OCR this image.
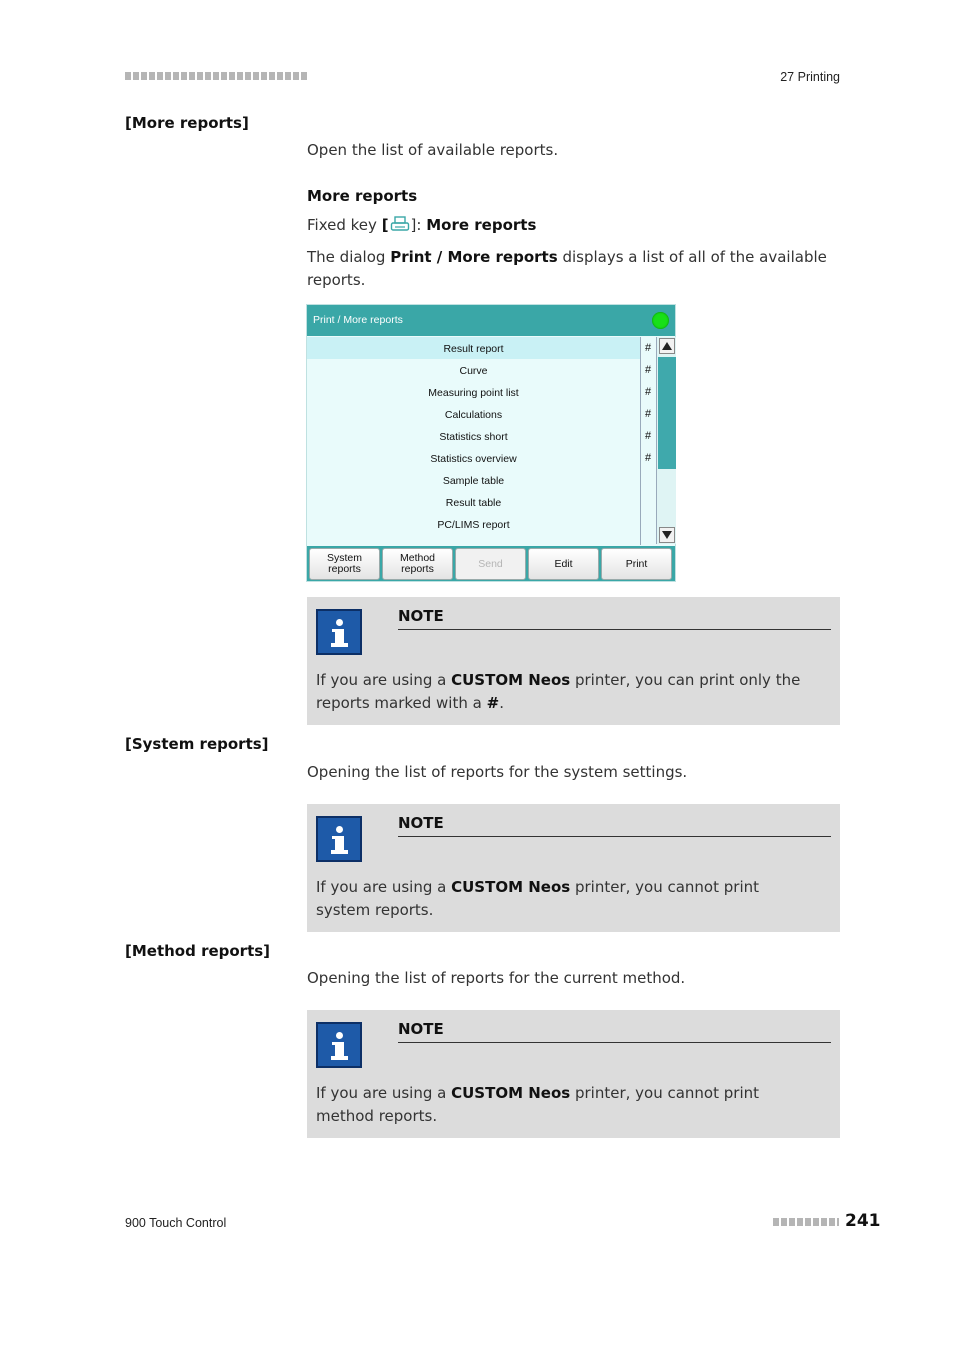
27 Printing
[More reports]
Open the list of available reports.
More reports
Fixed key [ ]: More reports
The dialog Print / More reports displays a list of all of the available reports.
Print / More reports
Result report	#
Curve	#
Measuring point list	#
Calculations	#
Statistics short	#
Statistics overview	#
Sample table
Result table
PC/LIMS report
System
reports
Method
reports	Send	Edit	Print
NOTE
If you are using a CUSTOM Neos printer, you can print only the reports marked with a #.
[System reports]
Opening the list of reports for the system settings.
NOTE
If you are using a CUSTOM Neos printer, you cannot print system reports.
[Method reports]
Opening the list of reports for the current method.
NOTE
If you are using a CUSTOM Neos printer, you cannot print method reports.
900 Touch Control	241
